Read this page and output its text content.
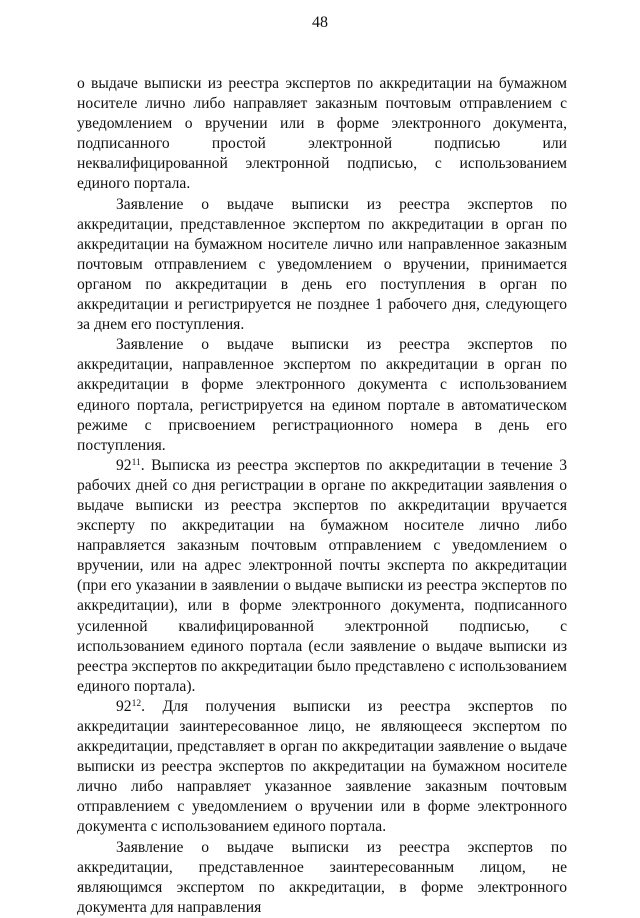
48

о выдаче выписки из реестра экспертов по аккредитации на бумажном носителе лично либо направляет заказным почтовым отправлением с уведомлением о вручении или в форме электронного документа, подписанного простой электронной подписью или неквалифицированной электронной подписью, с использованием единого портала.

Заявление о выдаче выписки из реестра экспертов по аккредитации, представленное экспертом по аккредитации в орган по аккредитации на бумажном носителе лично или направленное заказным почтовым отправлением с уведомлением о вручении, принимается органом по аккредитации в день его поступления в орган по аккредитации и регистрируется не позднее 1 рабочего дня, следующего за днем его поступления.

Заявление о выдаче выписки из реестра экспертов по аккредитации, направленное экспертом по аккредитации в орган по аккредитации в форме электронного документа с использованием единого портала, регистрируется на едином портале в автоматическом режиме с присвоением регистрационного номера в день его поступления.

$92^{11}$. Выписка из реестра экспертов по аккредитации в течение 3 рабочих дней со дня регистрации в органе по аккредитации заявления о выдаче выписки из реестра экспертов по аккредитации вручается эксперту по аккредитации на бумажном носителе лично либо направляется заказным почтовым отправлением с уведомлением о вручении, или на адрес электронной почты эксперта по аккредитации (при его указании в заявлении о выдаче выписки из реестра экспертов по аккредитации), или в форме электронного документа, подписанного усиленной квалифицированной электронной подписью, с использованием единого портала (если заявление о выдаче выписки из реестра экспертов по аккредитации было представлено с использованием единого портала).

$92^{12}$. Для получения выписки из реестра экспертов по аккредитации заинтересованное лицо, не являющееся экспертом по аккредитации, представляет в орган по аккредитации заявление о выдаче выписки из реестра экспертов по аккредитации на бумажном носителе лично либо направляет указанное заявление заказным почтовым отправлением с уведомлением о вручении или в форме электронного документа с использованием единого портала.

Заявление о выдаче выписки из реестра экспертов по аккредитации, представленное заинтересованным лицом, не являющимся экспертом по аккредитации, в форме электронного документа для направления
